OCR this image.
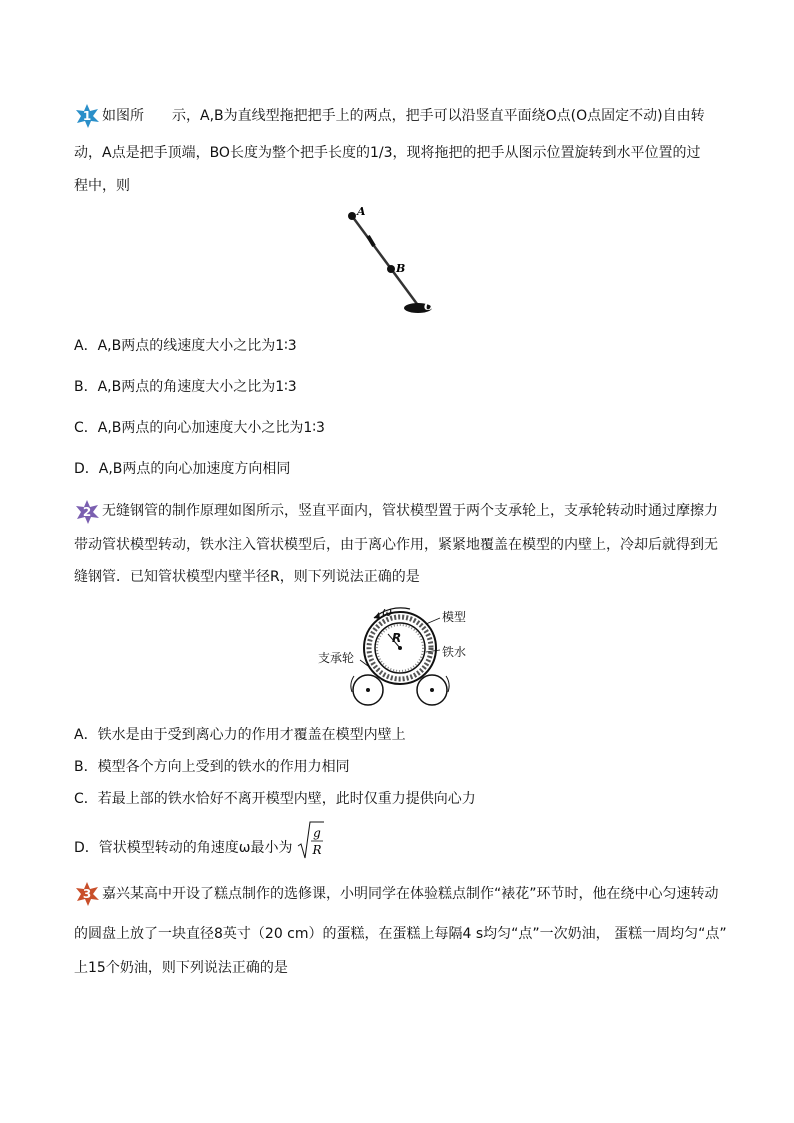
1 如图所　　示，A,B为直线型拖把把手上的两点，把手可以沿竖直平面绕O点(O点固定不动)自由转
动，A点是把手顶端，BO长度为整个把手长度的1/3，现将拖把的把手从图示位置旋转到水平位置的过
程中，则
A
B
O
A．A,B两点的线速度大小之比为1∶3
B．A,B两点的角速度大小之比为1∶3
C．A,B两点的向心加速度大小之比为1∶3
D．A,B两点的向心加速度方向相同
2 无缝钢管的制作原理如图所示，竖直平面内，管状模型置于两个支承轮上，支承轮转动时通过摩擦力
带动管状模型转动，铁水注入管状模型后，由于离心作用，紧紧地覆盖在模型的内壁上，冷却后就得到无
缝钢管．已知管状模型内壁半径R，则下列说法正确的是
ω	模型
R
铁水
支承轮
A．铁水是由于受到离心力的作用才覆盖在模型内壁上
B．模型各个方向上受到的铁水的作用力相同
C．若最上部的铁水恰好不离开模型内壁，此时仅重力提供向心力
D．管状模型转动的角速度ω最小为
g
R
3 嘉兴某高中开设了糕点制作的选修课，小明同学在体验糕点制作“裱花”环节时，他在绕中心匀速转动
的圆盘上放了一块直径8英寸（20 cm）的蛋糕，在蛋糕上每隔4 s均匀“点”一次奶油， 蛋糕一周均匀“点”
上15个奶油，则下列说法正确的是
